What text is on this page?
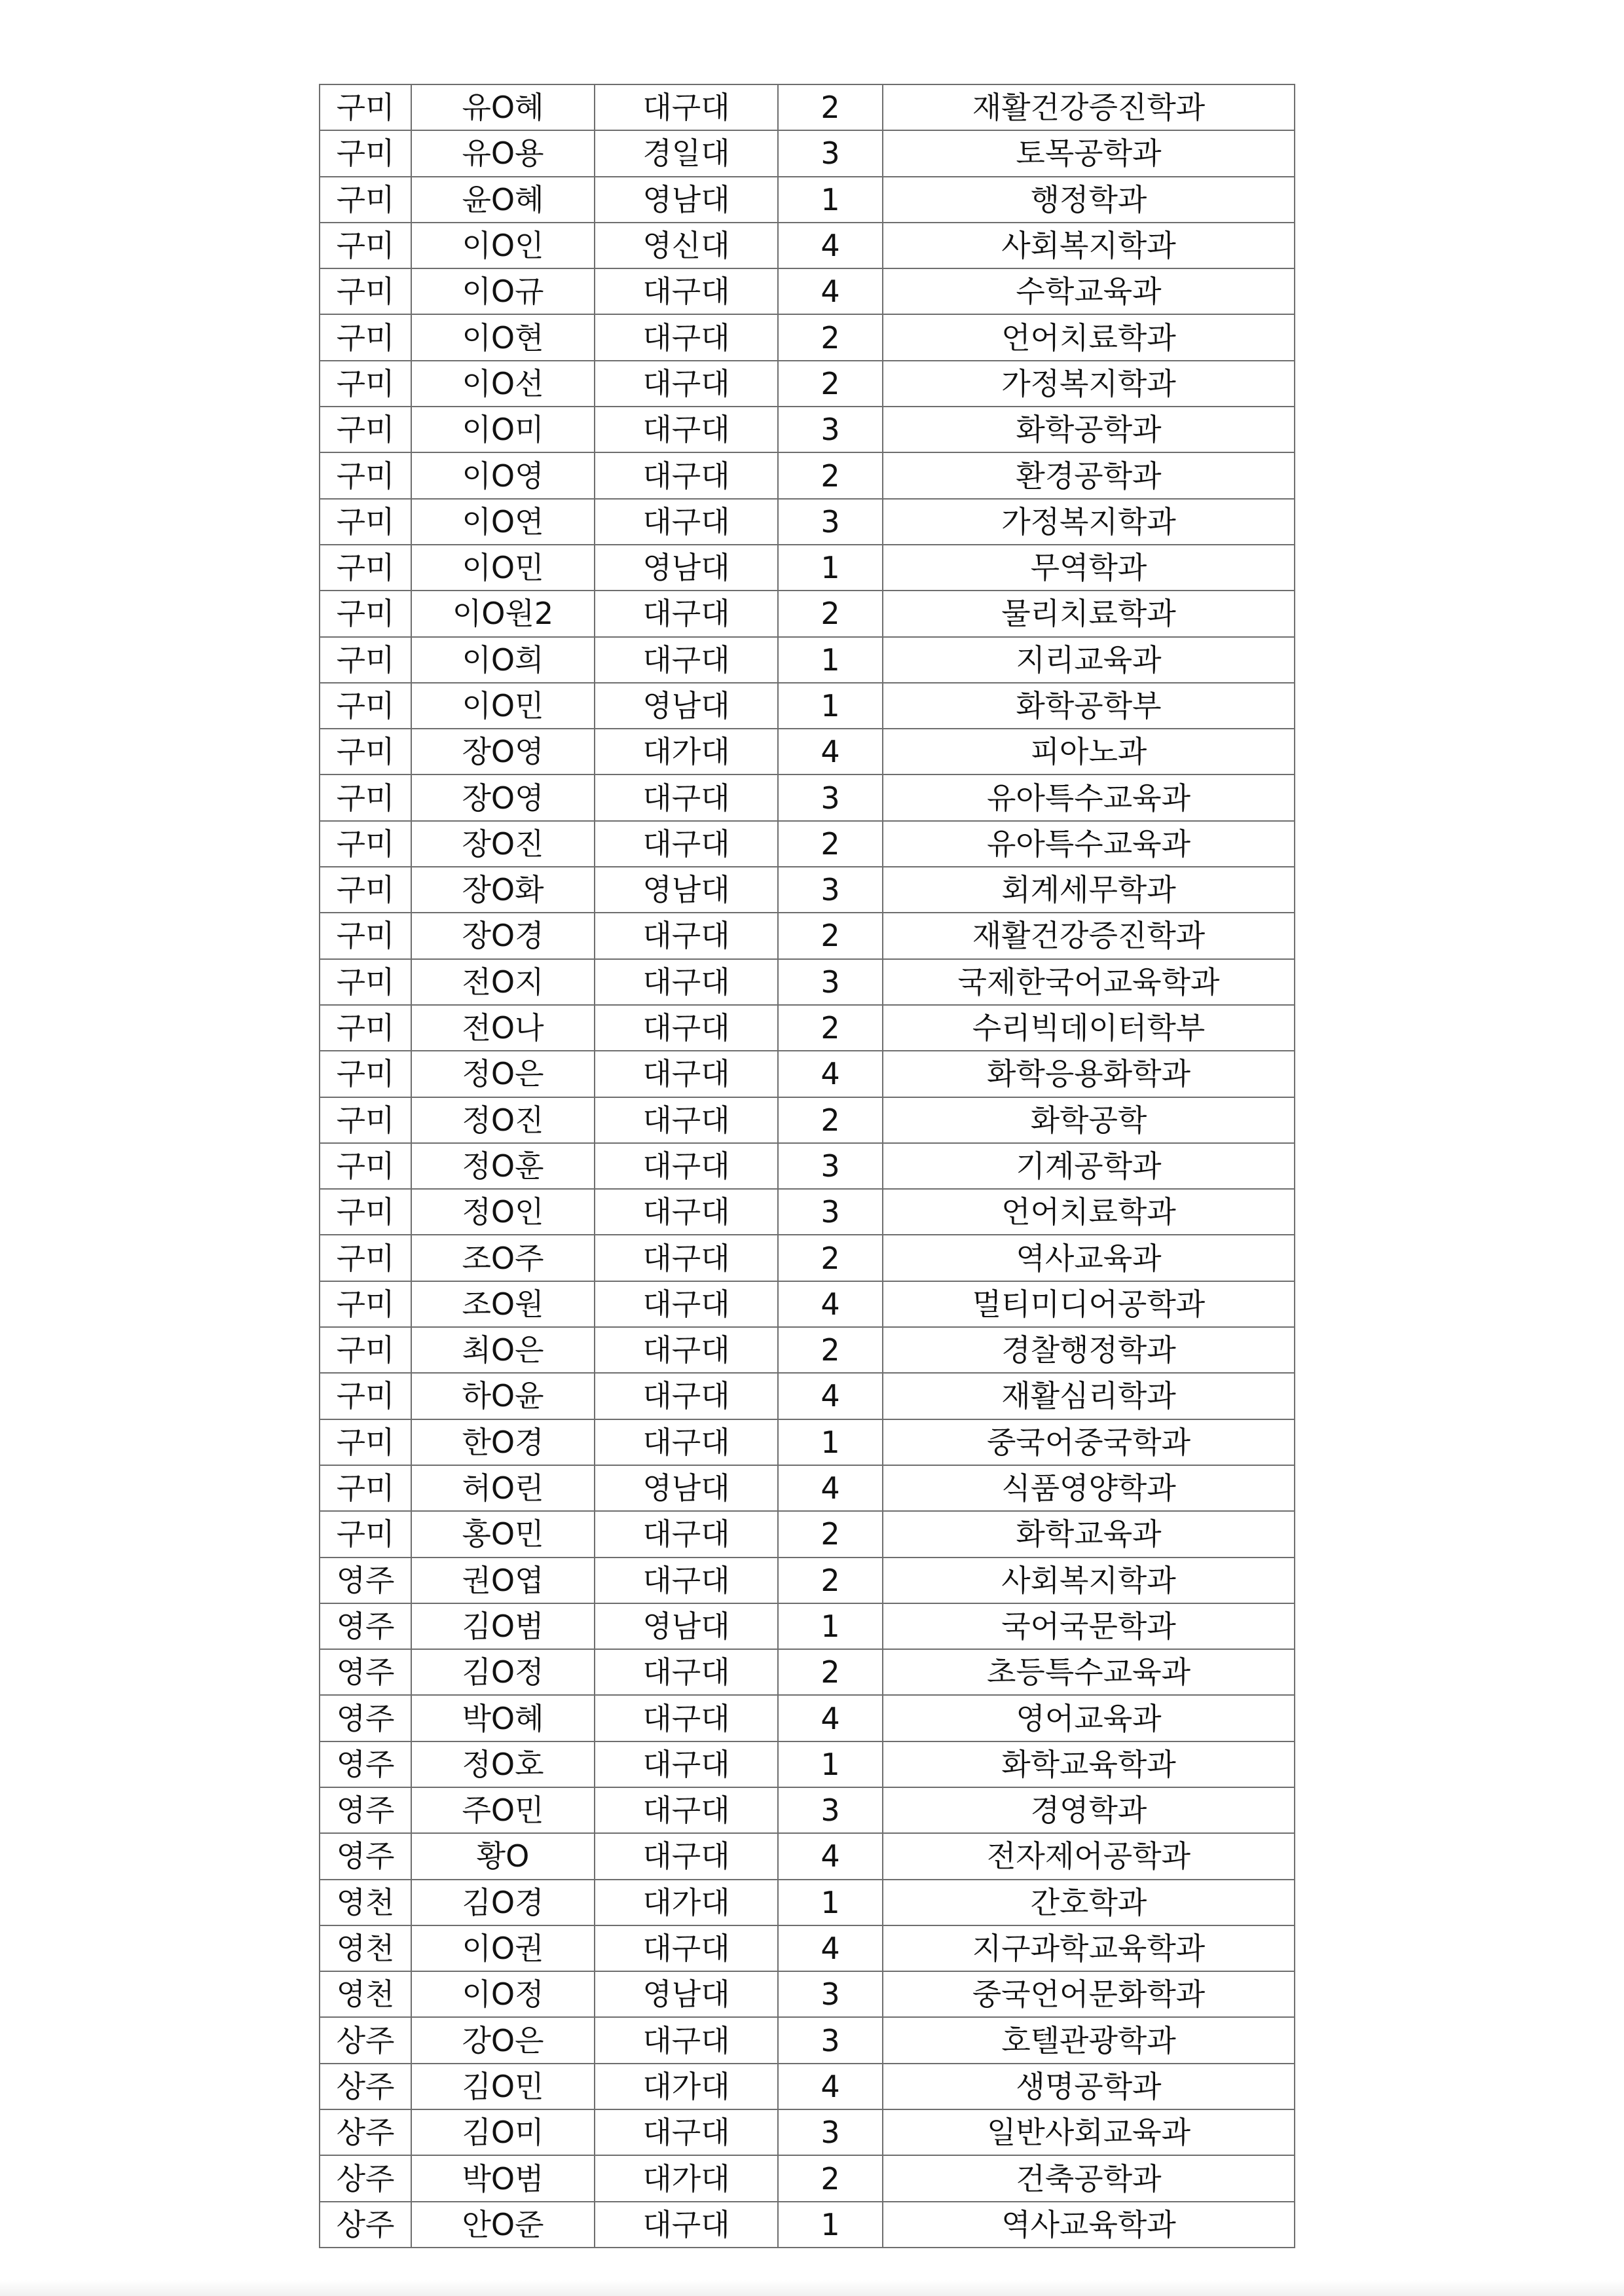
구미	유O혜	대구대	2	재활건강증진학과
구미	유O용	경일대	3	토목공학과
구미	윤O혜	영남대	1	행정학과
구미	이O인	영신대	4	사회복지학과
구미	이O규	대구대	4	수학교육과
구미	이O현	대구대	2	언어치료학과
구미	이O선	대구대	2	가정복지학과
구미	이O미	대구대	3	화학공학과
구미	이O영	대구대	2	환경공학과
구미	이O연	대구대	3	가정복지학과
구미	이O민	영남대	1	무역학과
구미	이O원2	대구대	2	물리치료학과
구미	이O희	대구대	1	지리교육과
구미	이O민	영남대	1	화학공학부
구미	장O영	대가대	4	피아노과
구미	장O영	대구대	3	유아특수교육과
구미	장O진	대구대	2	유아특수교육과
구미	장O화	영남대	3	회계세무학과
구미	장O경	대구대	2	재활건강증진학과
구미	전O지	대구대	3	국제한국어교육학과
구미	전O나	대구대	2	수리빅데이터학부
구미	정O은	대구대	4	화학응용화학과
구미	정O진	대구대	2	화학공학
구미	정O훈	대구대	3	기계공학과
구미	정O인	대구대	3	언어치료학과
구미	조O주	대구대	2	역사교육과
구미	조O원	대구대	4	멀티미디어공학과
구미	최O은	대구대	2	경찰행정학과
구미	하O윤	대구대	4	재활심리학과
구미	한O경	대구대	1	중국어중국학과
구미	허O린	영남대	4	식품영양학과
구미	홍O민	대구대	2	화학교육과
영주	권O엽	대구대	2	사회복지학과
영주	김O범	영남대	1	국어국문학과
영주	김O정	대구대	2	초등특수교육과
영주	박O혜	대구대	4	영어교육과
영주	정O호	대구대	1	화학교육학과
영주	주O민	대구대	3	경영학과
영주	황O	대구대	4	전자제어공학과
영천	김O경	대가대	1	간호학과
영천	이O권	대구대	4	지구과학교육학과
영천	이O정	영남대	3	중국언어문화학과
상주	강O은	대구대	3	호텔관광학과
상주	김O민	대가대	4	생명공학과
상주	김O미	대구대	3	일반사회교육과
상주	박O범	대가대	2	건축공학과
상주	안O준	대구대	1	역사교육학과
